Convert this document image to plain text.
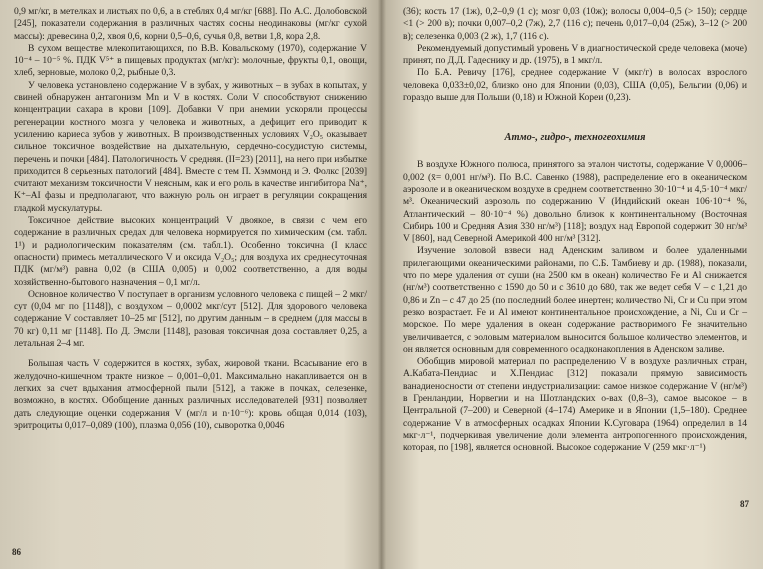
0,9 мг/кг, в метелках и листьях по 0,6, а в стеблях 0,4 мг/кг [688]. По А.С. Долобовской [245], показатели содержания в различных частях сосны неодинаковы (мг/кг сухой массы): древесина 0,2, хвоя 0,6, корни 0,5–0,6, сучья 0,8, ветви 1,8, кора 2,8.

В сухом веществе млекопитающихся, по В.В. Ковальскому (1970), содержание V 10⁻⁴ – 10⁻⁵ %. ПДК V⁵⁺ в пищевых продуктах (мг/кг): молочные, фрукты 0,1, овощи, хлеб, зерновые, молоко 0,2, рыбные 0,3.

У человека установлено содержание V в зубах, у животных – в зубах в копытах, у свиней обнаружен антагонизм Mn и V в костях. Соли V способствуют снижению концентрации сахара в крови [109]. Добавки V при анемии ускоряли процессы регенерации костного мозга у человека и животных, а дефицит его приводит к усилению кариеса зубов у животных. В производственных условиях V₂O₅ оказывает сильное токсичное воздействие на дыхательную, сердечно-сосудистую системы, перечень и почки [484]. Патологичность V средняя. (II=23) [2011], на него при избытке приходится 8 серьезных патологий [484]. Вместе с тем П. Хэммонд и Э. Фолкс [2039] считают механизм токсичности V неясным, как и его роль в качестве ингибитора Na⁺, K⁺–AI фазы и предполагают, что важную роль он играет в регуляции сокращения гладкой мускулатуры.

Токсичное действие высоких концентраций V двоякое, в связи с чем его содержание в различных средах для человека нормируется по химическим (см. табл. 1¹) и радиологическим показателям (см. табл.1). Особенно токсична (I класс опасности) примесь металлического V и оксида V₂O₅; для воздуха их среднесуточная ПДК (мг/м³) равна 0,02 (в США 0,005) и 0,002 соответственно, а для воды хозяйственно-бытового назначения – 0,1 мг/л.

Основное количество V поступает в организм условного человека с пищей – 2 мкг/сут (0,04 мг по [1148]), с воздухом – 0,0002 мкг/сут [512]. Для здорового человека содержание V составляет 10–25 мг [512], по другим данным – в среднем (для массы в 70 кг) 0,11 мг [1148]. По Д. Эмсли [1148], разовая токсичная доза составляет 0,25, а летальная 2–4 мг.

Большая часть V содержится в костях, зубах, жировой ткани. Всасывание его в желудочно-кишечном тракте низкое – 0,001–0,01. Максимально накапливается он в легких за счет вдыхания атмосферной пыли [512], а также в почках, селезенке, возможно, в костях. Обобщение данных различных исследователей [931] позволяет дать следующие оценки содержания V (мг/л и n·10⁻⁶): кровь общая 0,014 (103), эритроциты 0,017–0,089 (100), плазма 0,056 (10), сыворотка 0,0046

86

(36); кость 17 (1ж), 0,2–0,9 (1 с); мозг 0,03 (10ж); волосы 0,004–0,5 (> 150); сердце <1 (> 200 в); почки 0,007–0,2 (7ж), 2,7 (116 с); печень 0,017–0,04 (25ж), 3–12 (> 200 в); селезенка 0,003 (2 ж), 1,7 (116 с).

Рекомендуемый допустимый уровень V в диагностической среде человека (моче) принят, по Д.Д. Гадеснику и др. (1975), в 1 мкг/л.

По Б.А. Ревичу [176], среднее содержание V (мкг/г) в волосах взрослого человека 0,033±0,02, близко оно для Японии (0,03), США (0,05), Бельгии (0,06) и гораздо выше для Польши (0,18) и Южной Кореи (0,23).

Атмо-, гидро-, техногеохимия

В воздухе Южного полюса, принятого за эталон чистоты, содержание V 0,0006–0,002 (x̄= 0,001 нг/м³). По В.С. Савенко (1988), распределение его в океаническом аэрозоле и в океаническом воздухе в среднем соответственно 30·10⁻⁴ и 4,5·10⁻⁴ мкг/м³. Океанический аэрозоль по содержанию V (Индийский океан 106·10⁻⁴ %, Атлантический – 80·10⁻⁴ %) довольно близок к континентальному (Восточная Сибирь 100 и Средняя Азия 330 нг/м³) [118]; воздух над Европой содержит 30 нг/м³ V [860], над Северной Америкой 400 нг/м³ [312].

Изучение золовой взвеси над Аденским заливом и более удаленными прилегающими океаническими районами, по С.Б. Тамбиеву и др. (1988), показали, что по мере удаления от суши (на 2500 км в океан) количество Fe и Al снижается (нг/м³) соответственно с 1590 до 50 и с 3610 до 680, так же ведет себя V – с 1,21 до 0,86 и Zn – с 47 до 25 (по последний более инертен; количество Ni, Cr и Cu при этом резко возрастает. Fe и Al имеют континентальное происхождение, а Ni, Cu и Cr – морское. По мере удаления в океан содержание растворимого Fe значительно увеличивается, с эоловым материалом выносится большое количество элементов, и он является основным для современного осадконакопления в Аденском заливе.

Обобщив мировой материал по распределению V в воздухе различных стран, А.Кабата-Пендиас и Х.Пендиас [312] показали прямую зависимость ванадиеносности от степени индустриализации: самое низкое содержание V (нг/м³) в Гренландии, Норвегии и на Шотландских о-вах (0,8–3), самое высокое – в Центральной (7–200) и Северной (4–174) Америке и в Японии (1,5–180). Среднее содержание V в атмосферных осадках Японии К.Суговара (1964) определил в 14 мкг·л⁻¹, подчеркивая увеличение доли элемента антропогенного происхождения, которая, по [198], является основной. Высокое содержание V (259 мкг·л⁻¹)

87
